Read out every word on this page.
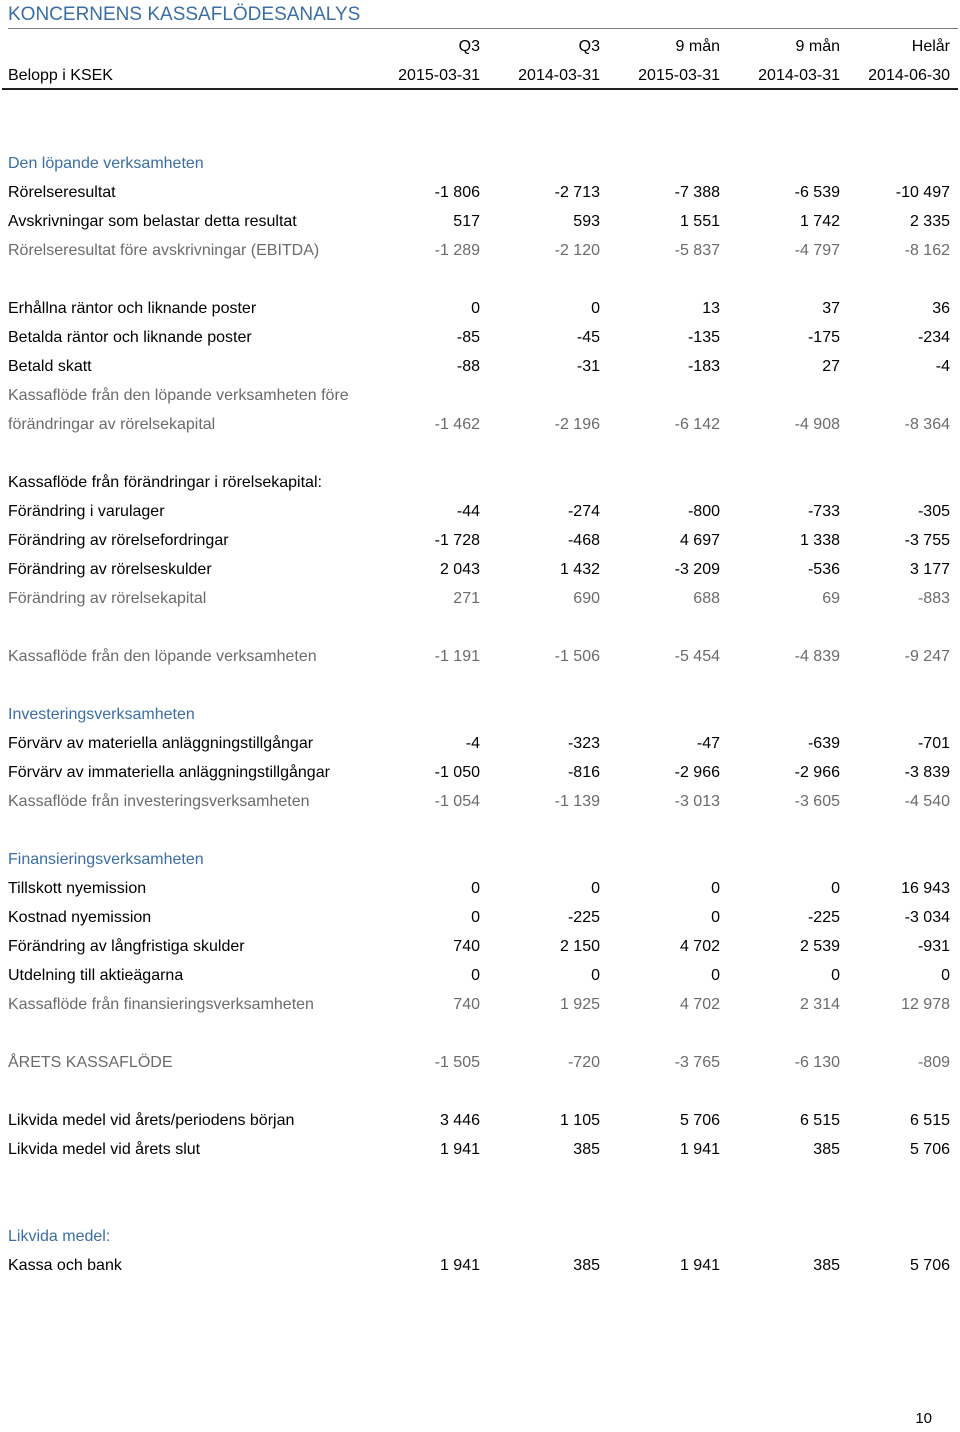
KONCERNENS KASSAFLÖDESANALYS
Q3	Q3	9 mån	9 mån	Helår
Belopp i KSEK	2015-03-31	2014-03-31	2015-03-31	2014-03-31	2014-06-30
Den löpande verksamheten
Rörelseresultat	-1 806	-2 713	-7 388	-6 539	-10 497
Avskrivningar som belastar detta resultat	517	593	1 551	1 742	2 335
Rörelseresultat före avskrivningar (EBITDA)	-1 289	-2 120	-5 837	-4 797	-8 162
Erhållna räntor och liknande poster	0	0	13	37	36
Betalda räntor och liknande poster	-85	-45	-135	-175	-234
Betald skatt	-88	-31	-183	27	-4
Kassaflöde från den löpande verksamheten före
förändringar av rörelsekapital	-1 462	-2 196	-6 142	-4 908	-8 364
Kassaflöde från förändringar i rörelsekapital:
Förändring i varulager	-44	-274	-800	-733	-305
Förändring av rörelsefordringar	-1 728	-468	4 697	1 338	-3 755
Förändring av rörelseskulder	2 043	1 432	-3 209	-536	3 177
Förändring av rörelsekapital	271	690	688	69	-883
Kassaflöde från den löpande verksamheten	-1 191	-1 506	-5 454	-4 839	-9 247
Investeringsverksamheten
Förvärv av materiella anläggningstillgångar	-4	-323	-47	-639	-701
Förvärv av immateriella anläggningstillgångar	-1 050	-816	-2 966	-2 966	-3 839
Kassaflöde från investeringsverksamheten	-1 054	-1 139	-3 013	-3 605	-4 540
Finansieringsverksamheten
Tillskott nyemission	0	0	0	0	16 943
Kostnad nyemission	0	-225	0	-225	-3 034
Förändring av långfristiga skulder	740	2 150	4 702	2 539	-931
Utdelning till aktieägarna	0	0	0	0	0
Kassaflöde från finansieringsverksamheten	740	1 925	4 702	2 314	12 978
ÅRETS KASSAFLÖDE	-1 505	-720	-3 765	-6 130	-809
Likvida medel vid årets/periodens början	3 446	1 105	5 706	6 515	6 515
Likvida medel vid årets slut	1 941	385	1 941	385	5 706
Likvida medel:
Kassa och bank	1 941	385	1 941	385	5 706
10
